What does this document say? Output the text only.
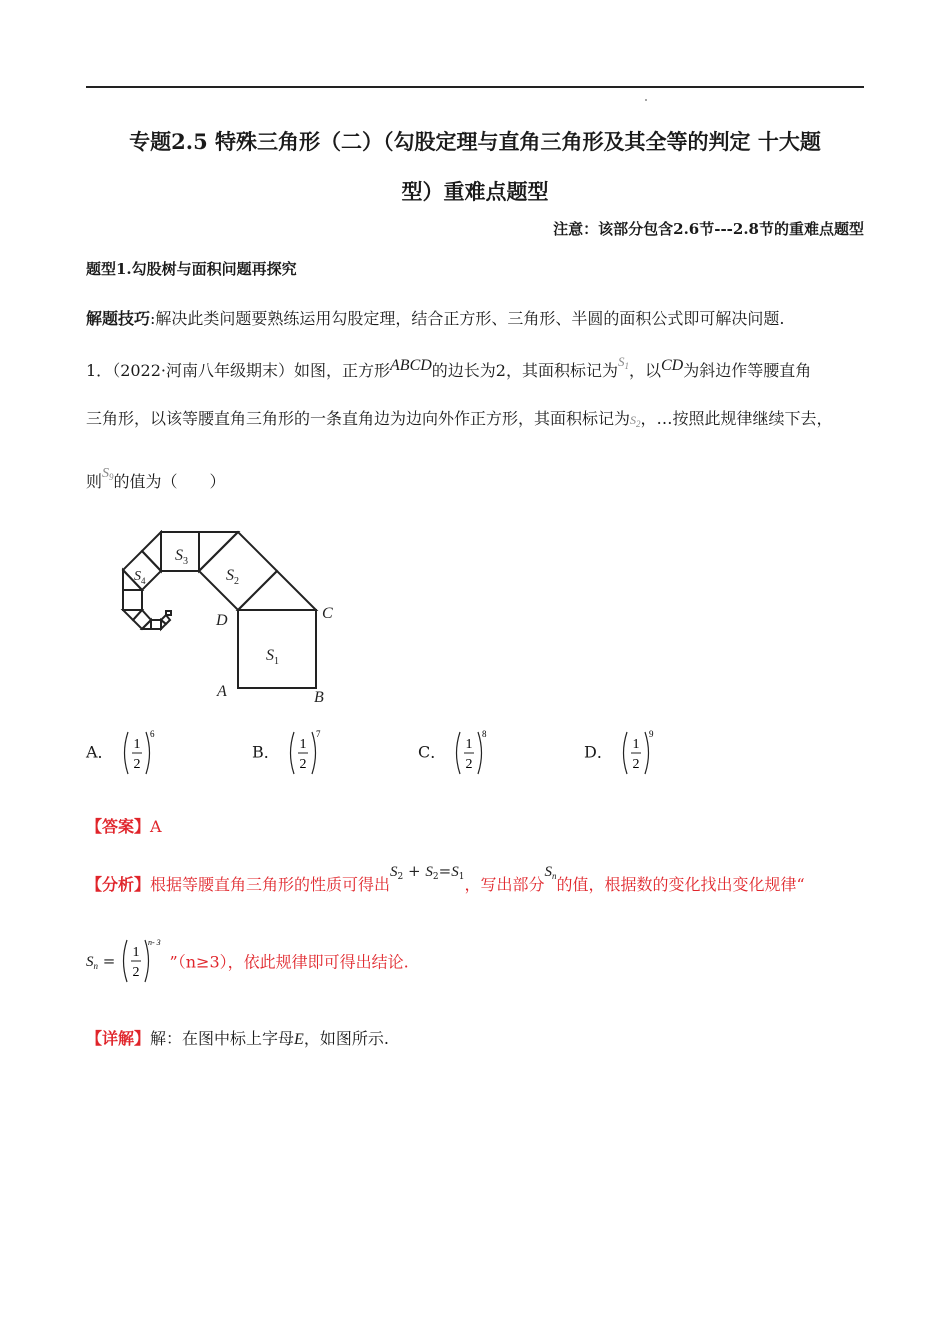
专题2.5 特殊三角形（二）（勾股定理与直角三角形及其全等的判定 十大题
型）重难点题型
注意：该部分包含2.6节---2.8节的重难点题型
题型1.勾股树与面积问题再探究
解题技巧:解决此类问题要熟练运用勾股定理，结合正方形、三角形、半圆的面积公式即可解决问题.
1．（2022·河南八年级期末）如图，正方形ABCD的边长为2，其面积标记为$^{S_1}$，以CD为斜边作等腰直角
三角形，以该等腰直角三角形的一条直角边为边向外作正方形，其面积标记为$S_2$，…按照此规律继续下去，
则$S_9$的值为（　　）
$S_1$
$S_2$
$S_3$
$S_4$
A	B
C
D
A． 1
2
6
B． 1
2
7
C． 1
2
8
D． 1
2
9
【答案】A
【分析】根据等腰直角三角形的性质可得出$S_2 + S_2=S_1$，写出部分$S_n$的值，根据数的变化找出变化规律“
$S_n = 1$
2
n- 3
”（n≥3），依此规律即可得出结论.
【详解】解：在图中标上字母E，如图所示.
